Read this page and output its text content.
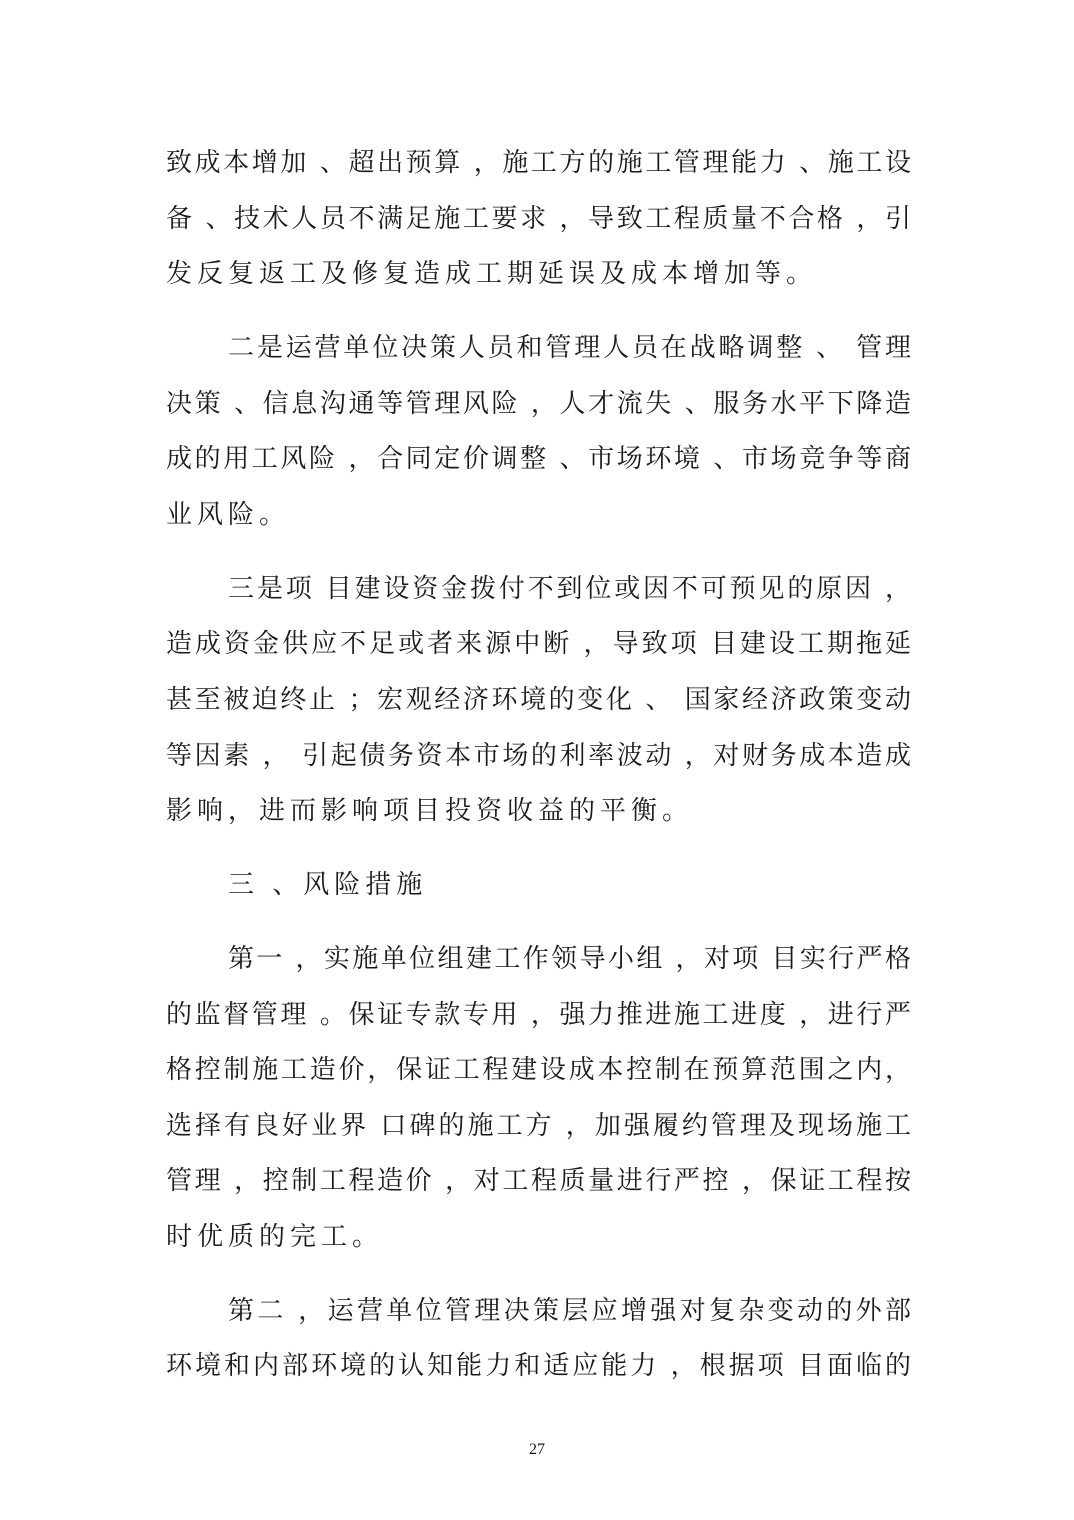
致成本增加 、超出预算 ，施工方的施工管理能力 、施工设
备 、技术人员不满足施工要求 ，导致工程质量不合格 ，引
发反复返工及修复造成工期延误及成本增加等。
二是运营单位决策人员和管理人员在战略调整 、 管理
决策 、信息沟通等管理风险 ，人才流失 、服务水平下降造
成的用工风险 ，合同定价调整 、市场环境 、市场竞争等商
业风险。
三是项 目建设资金拨付不到位或因不可预见的原因 ，
造成资金供应不足或者来源中断 ，导致项 目建设工期拖延
甚至被迫终止 ；宏观经济环境的变化 、 国家经济政策变动
等因素 ， 引起债务资本市场的利率波动 ，对财务成本造成
影响，进而影响项目投资收益的平衡。
三 、风险措施
第一 ，实施单位组建工作领导小组 ，对项 目实行严格
的监督管理 。保证专款专用 ，强力推进施工进度 ，进行严
格控制施工造价，保证工程建设成本控制在预算范围之内，
选择有良好业界 口碑的施工方 ，加强履约管理及现场施工
管理 ，控制工程造价 ，对工程质量进行严控 ，保证工程按
时优质的完工。
第二 ，运营单位管理决策层应增强对复杂变动的外部
环境和内部环境的认知能力和适应能力 ，根据项 目面临的
27
